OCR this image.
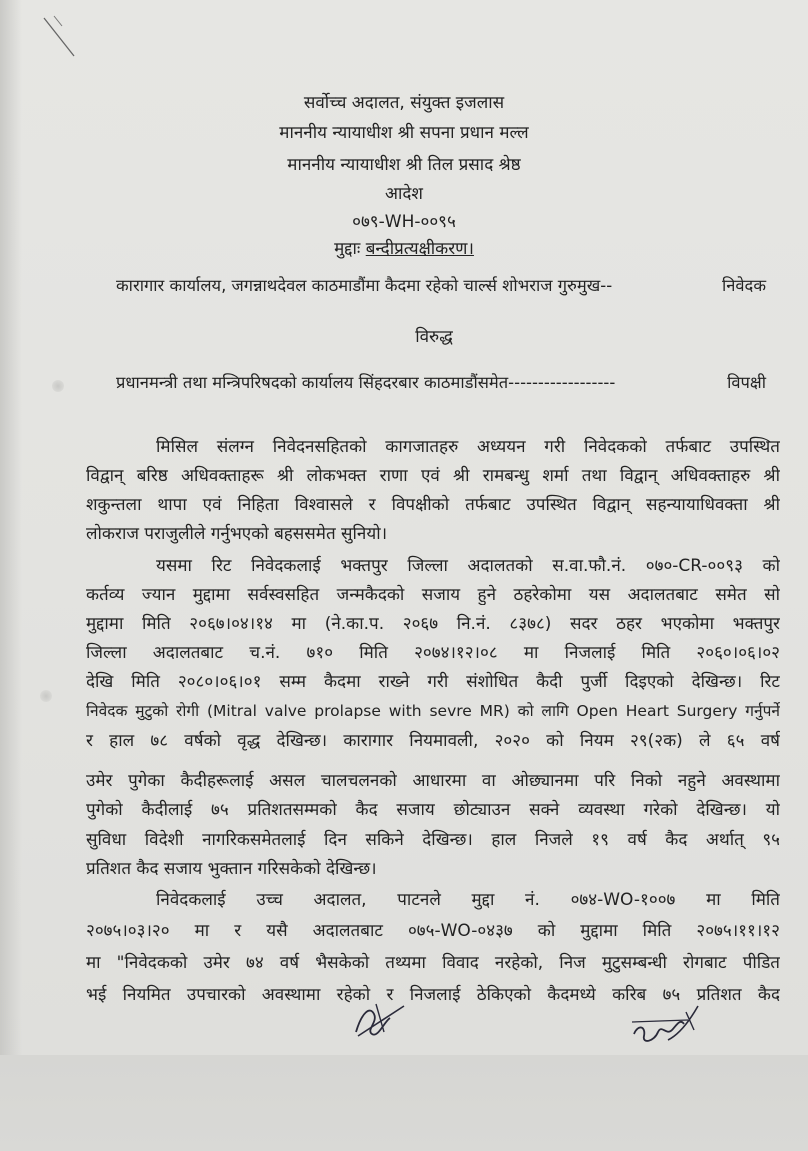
सर्वोच्च अदालत, संयुक्त इजलास
माननीय न्यायाधीश श्री सपना प्रधान मल्ल
माननीय न्यायाधीश श्री तिल प्रसाद श्रेष्ठ
आदेश
०७९-WH-००९५
मुद्दाः बन्दीप्रत्यक्षीकरण।
कारागार कार्यालय, जगन्नाथदेवल काठमाडौंमा कैदमा रहेको चार्ल्स शोभराज गुरुमुख--	निवेदक
विरुद्ध
प्रधानमन्त्री तथा मन्त्रिपरिषदको कार्यालय सिंहदरबार काठमाडौंसमेत------------------	विपक्षी
मिसिल संलग्न निवेदनसहितको कागजातहरु अध्ययन गरी निवेदकको तर्फबाट उपस्थित
विद्वान् बरिष्ठ अधिवक्ताहरू श्री लोकभक्त राणा एवं श्री रामबन्धु शर्मा तथा विद्वान् अधिवक्ताहरु श्री
शकुन्तला थापा एवं निहिता विश्वासले र विपक्षीको तर्फबाट उपस्थित विद्वान् सहन्यायाधिवक्ता श्री
लोकराज पराजुलीले गर्नुभएको बहससमेत सुनियो।
यसमा रिट निवेदकलाई भक्तपुर जिल्ला अदालतको स.वा.फौ.नं. ०७०-CR-००९३ को
कर्तव्य ज्यान मुद्दामा सर्वस्वसहित जन्मकैदको सजाय हुने ठहरेकोमा यस अदालतबाट समेत सो
मुद्दामा मिति २०६७।०४।१४ मा (ने.का.प. २०६७ नि.नं. ८३७८) सदर ठहर भएकोमा भक्तपुर
जिल्ला अदालतबाट च.नं. ७१० मिति २०७४।१२।०८ मा निजलाई मिति २०६०।०६।०२
देखि मिति २०८०।०६।०१ सम्म कैदमा राख्ने गरी संशोधित कैदी पुर्जी दिइएको देखिन्छ। रिट
निवेदक मुटुको रोगी (Mitral valve prolapse with sevre MR) को लागि Open Heart Surgery गर्नुपर्ने
र हाल ७८ वर्षको वृद्ध देखिन्छ। कारागार नियमावली, २०२० को नियम २९(२क) ले ६५ वर्ष
उमेर पुगेका कैदीहरूलाई असल चालचलनको आधारमा वा ओछ्यानमा परि निको नहुने अवस्थामा
पुगेको कैदीलाई ७५ प्रतिशतसम्मको कैद सजाय छोट्याउन सक्ने व्यवस्था गरेको देखिन्छ। यो
सुविधा विदेशी नागरिकसमेतलाई दिन सकिने देखिन्छ। हाल निजले १९ वर्ष कैद अर्थात् ९५
प्रतिशत कैद सजाय भुक्तान गरिसकेको देखिन्छ।
निवेदकलाई उच्च अदालत, पाटनले मुद्दा नं. ०७४-WO-१००७ मा मिति
२०७५।०३।२० मा र यसै अदालतबाट ०७५-WO-०४३७ को मुद्दामा मिति २०७५।११।१२
मा "निवेदकको उमेर ७४ वर्ष भैसकेको तथ्यमा विवाद नरहेको, निज मुटुसम्बन्धी रोगबाट पीडित
भई नियमित उपचारको अवस्थामा रहेको र निजलाई ठेकिएको कैदमध्ये करिब ७५ प्रतिशत कैद
